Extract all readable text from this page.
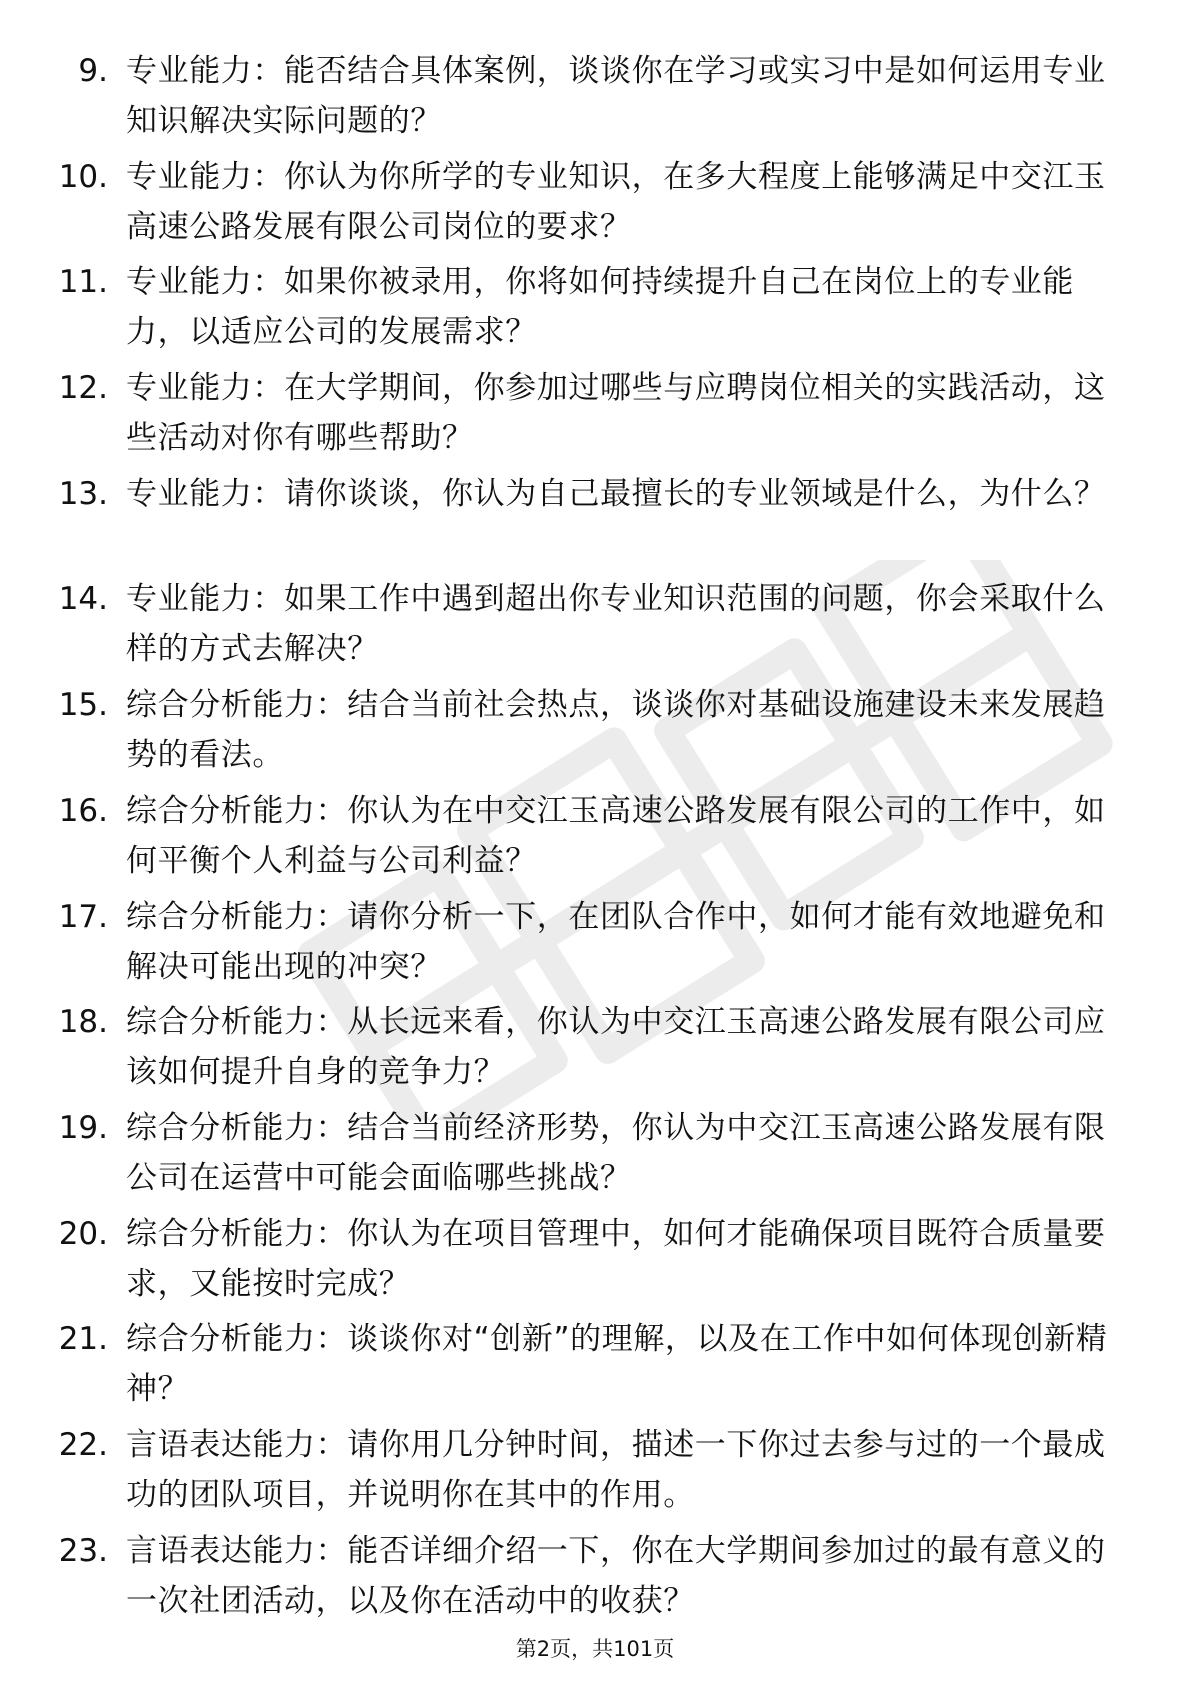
9. 专业能力：能否结合具体案例，谈谈你在学习或实习中是如何运用专业知识解决实际问题的？
10. 专业能力：你认为你所学的专业知识，在多大程度上能够满足中交江玉高速公路发展有限公司岗位的要求？
11. 专业能力：如果你被录用，你将如何持续提升自己在岗位上的专业能力，以适应公司的发展需求？
12. 专业能力：在大学期间，你参加过哪些与应聘岗位相关的实践活动，这些活动对你有哪些帮助？
13. 专业能力：请你谈谈，你认为自己最擅长的专业领域是什么，为什么？
14. 专业能力：如果工作中遇到超出你专业知识范围的问题，你会采取什么样的方式去解决？
15. 综合分析能力：结合当前社会热点，谈谈你对基础设施建设未来发展趋势的看法。
16. 综合分析能力：你认为在中交江玉高速公路发展有限公司的工作中，如何平衡个人利益与公司利益？
17. 综合分析能力：请你分析一下，在团队合作中，如何才能有效地避免和解决可能出现的冲突？
18. 综合分析能力：从长远来看，你认为中交江玉高速公路发展有限公司应该如何提升自身的竞争力？
19. 综合分析能力：结合当前经济形势，你认为中交江玉高速公路发展有限公司在运营中可能会面临哪些挑战？
20. 综合分析能力：你认为在项目管理中，如何才能确保项目既符合质量要求，又能按时完成？
21. 综合分析能力：谈谈你对“创新”的理解，以及在工作中如何体现创新精神？
22. 言语表达能力：请你用几分钟时间，描述一下你过去参与过的一个最成功的团队项目，并说明你在其中的作用。
23. 言语表达能力：能否详细介绍一下，你在大学期间参加过的最有意义的一次社团活动，以及你在活动中的收获？
第2页，共101页
